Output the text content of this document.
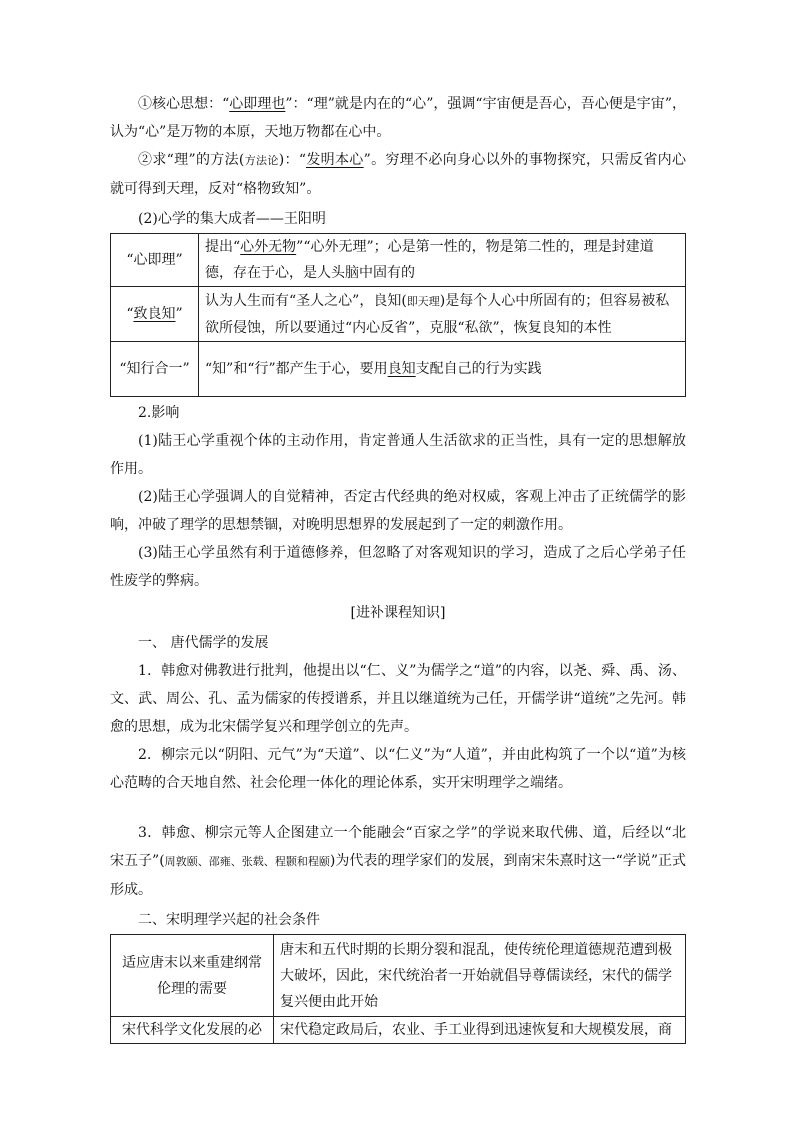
①核心思想：“心即理也”：“理”就是内在的“心”，强调“宇宙便是吾心，吾心便是宇宙”，认为“心”是万物的本原，天地万物都在心中。

②求“理”的方法(方法论)：“发明本心”。穷理不必向身心以外的事物探究，只需反省内心就可得到天理，反对“格物致知”。

(2)心学的集大成者——王阳明

“心即理”	提出“心外无物”“心外无理”；心是第一性的，物是第二性的，理是封建道德，存在于心，是人头脑中固有的
“致良知”	认为人生而有“圣人之心”，良知(即天理)是每个人心中所固有的；但容易被私欲所侵蚀，所以要通过“内心反省”，克服“私欲”，恢复良知的本性
“知行合一”	“知”和“行”都产生于心，要用良知支配自己的行为实践

2.影响

(1)陆王心学重视个体的主动作用，肯定普通人生活欲求的正当性，具有一定的思想解放作用。

(2)陆王心学强调人的自觉精神，否定古代经典的绝对权威，客观上冲击了正统儒学的影响，冲破了理学的思想禁锢，对晚明思想界的发展起到了一定的刺激作用。

(3)陆王心学虽然有利于道德修养，但忽略了对客观知识的学习，造成了之后心学弟子任性废学的弊病。

[进补课程知识]

一、 唐代儒学的发展

1．韩愈对佛教进行批判，他提出以“仁、义”为儒学之“道”的内容，以尧、舜、禹、汤、文、武、周公、孔、孟为儒家的传授谱系，并且以继道统为己任，开儒学讲“道统”之先河。韩愈的思想，成为北宋儒学复兴和理学创立的先声。

2．柳宗元以“阴阳、元气”为“天道”、以“仁义”为“人道”，并由此构筑了一个以“道”为核心范畴的合天地自然、社会伦理一体化的理论体系，实开宋明理学之端绪。

3．韩愈、柳宗元等人企图建立一个能融会“百家之学”的学说来取代佛、道，后经以“北宋五子”(周敦颐、邵雍、张载、程颢和程颐)为代表的理学家们的发展，到南宋朱熹时这一“学说”正式形成。

二、宋明理学兴起的社会条件

适应唐末以来重建纲常伦理的需要	唐末和五代时期的长期分裂和混乱，使传统伦理道德规范遭到极大破坏，因此，宋代统治者一开始就倡导尊儒读经，宋代的儒学复兴便由此开始
宋代科学文化发展的必	宋代稳定政局后，农业、手工业得到迅速恢复和大规模发展，商
